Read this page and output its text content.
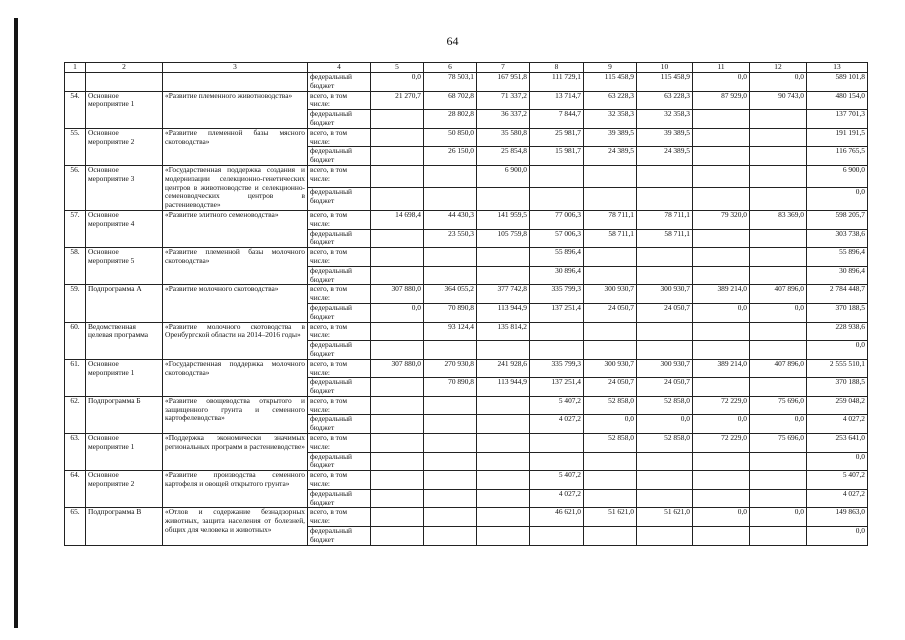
64
1	2	3	4	5	6	7	8	9	10	11	12	13
			федеральный бюджет	0,0	78 503,1	167 951,8	111 729,1	115 458,9	115 458,9	0,0	0,0	589 101,8
54.	Основное мероприятие 1	«Развитие племенного животноводства»	всего, в том числе:	21 270,7	68 702,8	71 337,2	13 714,7	63 228,3	63 228,3	87 929,0	90 743,0	480 154,0
			федеральный бюджет		28 802,8	36 337,2	7 844,7	32 358,3	32 358,3			137 701,3
55.	Основное мероприятие 2	«Развитие племенной базы мясного скотоводства»	всего, в том числе:		50 850,0	35 580,8	25 981,7	39 389,5	39 389,5			191 191,5
			федеральный бюджет		26 150,0	25 854,8	15 981,7	24 389,5	24 389,5			116 765,5
56.	Основное мероприятие 3	«Государственная поддержка создания и модернизации селекционно-генетических центров в животноводстве и селекционно-семеноводческих центров в растениеводстве»	всего, в том числе:			6 900,0						6 900,0
			федеральный бюджет									0,0
57.	Основное мероприятие 4	«Развитие элитного семеноводства»	всего, в том числе:	14 698,4	44 430,3	141 959,5	77 006,3	78 711,1	78 711,1	79 320,0	83 369,0	598 205,7
			федеральный бюджет		23 550,3	105 759,8	57 006,3	58 711,1	58 711,1			303 738,6
58.	Основное мероприятие 5	«Развитие племенной базы молочного скотоводства»	всего, в том числе:				55 896,4					55 896,4
			федеральный бюджет				30 896,4					30 896,4
59.	Подпрограмма А	«Развитие молочного скотоводства»	всего, в том числе:	307 880,0	364 055,2	377 742,8	335 799,3	300 930,7	300 930,7	389 214,0	407 896,0	2 784 448,7
			федеральный бюджет	0,0	70 890,8	113 944,9	137 251,4	24 050,7	24 050,7	0,0	0,0	370 188,5
60.	Ведомственная целевая программа	«Развитие молочного скотоводства в Оренбургской области на 2014–2016 годы»	всего, в том числе:		93 124,4	135 814,2						228 938,6
			федеральный бюджет									0,0
61.	Основное мероприятие 1	«Государственная поддержка молочного скотоводства»	всего, в том числе:	307 880,0	270 930,8	241 928,6	335 799,3	300 930,7	300 930,7	389 214,0	407 896,0	2 555 510,1
			федеральный бюджет		70 890,8	113 944,9	137 251,4	24 050,7	24 050,7			370 188,5
62.	Подпрограмма Б	«Развитие овощеводства открытого и защищенного грунта и семенного картофелеводства»	всего, в том числе:				5 407,2	52 858,0	52 858,0	72 229,0	75 696,0	259 048,2
			федеральный бюджет				4 027,2	0,0	0,0	0,0	0,0	4 027,2
63.	Основное мероприятие 1	«Поддержка экономически значимых региональных программ в растениеводстве»	всего, в том числе:					52 858,0	52 858,0	72 229,0	75 696,0	253 641,0
			федеральный бюджет									0,0
64.	Основное мероприятие 2	«Развитие производства семенного картофеля и овощей открытого грунта»	всего, в том числе:				5 407,2					5 407,2
			федеральный бюджет				4 027,2					4 027,2
65.	Подпрограмма В	«Отлов и содержание безнадзорных животных, защита населения от болезней, общих для человека и животных»	всего, в том числе:				46 621,0	51 621,0	51 621,0	0,0	0,0	149 863,0
			федеральный бюджет									0,0
